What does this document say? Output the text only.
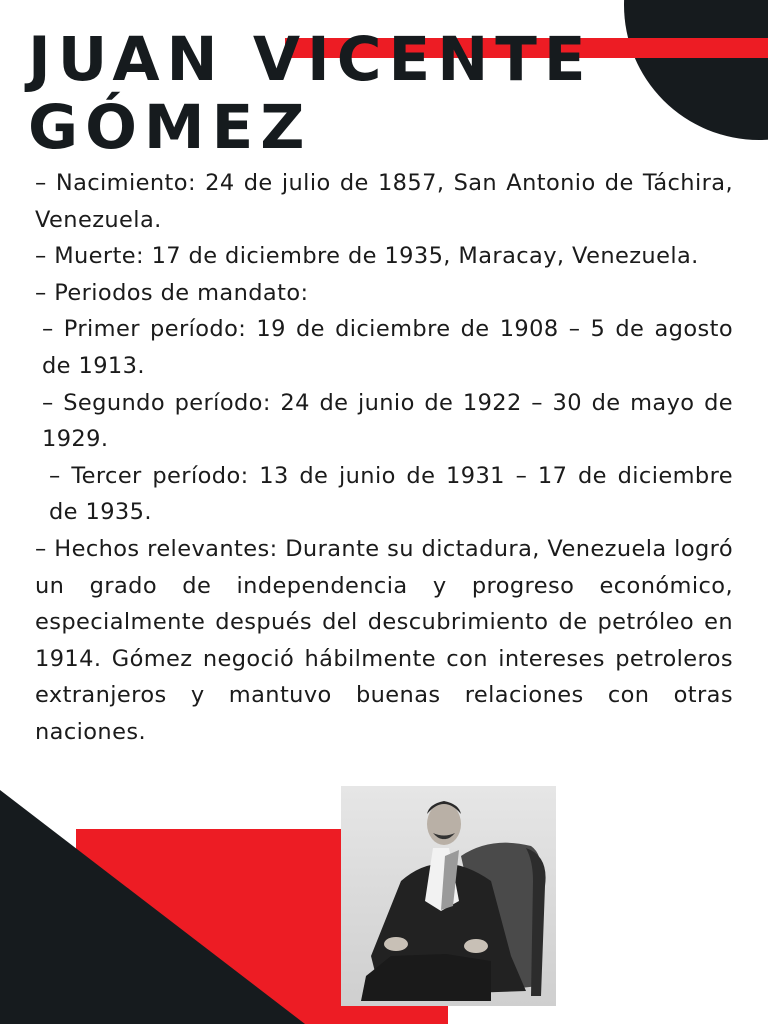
JUAN VICENTE
GÓMEZ

– Nacimiento: 24 de julio de 1857, San Antonio de Táchira, Venezuela.

– Muerte: 17 de diciembre de 1935, Maracay, Venezuela.

– Periodos de mandato:

– Primer período: 19 de diciembre de 1908 – 5 de agosto de 1913.

– Segundo período: 24 de junio de 1922 – 30 de mayo de 1929.

– Tercer período: 13 de junio de 1931 – 17 de diciembre de 1935.

– Hechos relevantes: Durante su dictadura, Venezuela logró un grado de independencia y progreso económico, especialmente después del descubrimiento de petróleo en 1914. Gómez negoció hábilmente con intereses petroleros extranjeros y mantuvo buenas relaciones con otras naciones.
